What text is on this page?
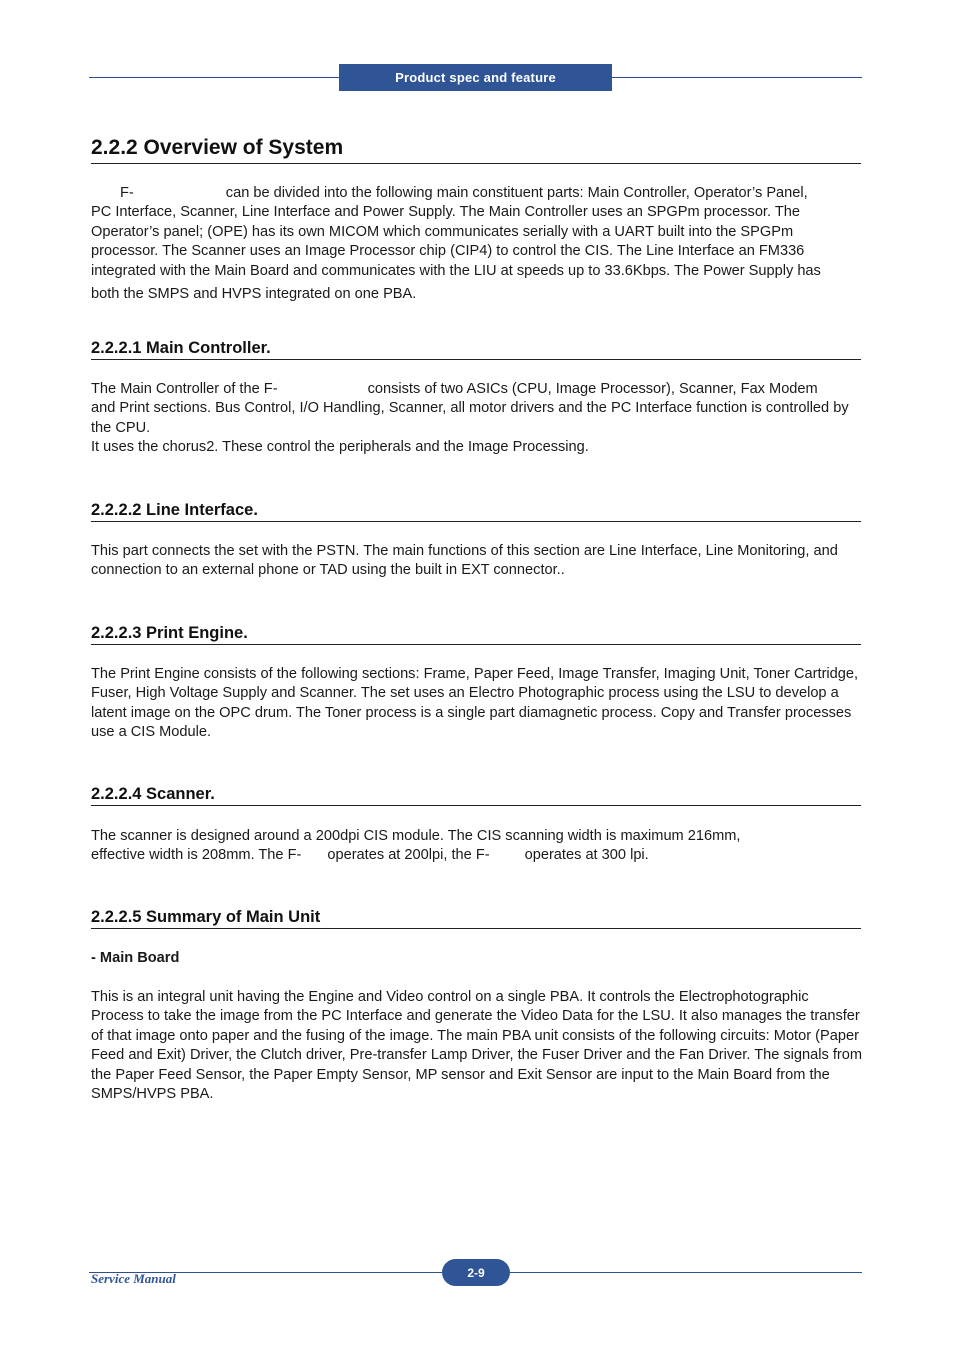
Product spec and feature
2.2.2 Overview of System

F-	can be divided into the following main constituent parts: Main Controller, Operator’s Panel,
PC Interface, Scanner, Line Interface and Power Supply. The Main Controller uses an SPGPm processor. The Operator’s panel; (OPE) has its own MICOM which communicates serially with a UART built into the SPGPm processor. The Scanner uses an Image Processor chip (CIP4) to control the CIS. The Line Interface an FM336 integrated with the Main Board and communicates with the LIU at speeds up to 33.6Kbps. The Power Supply has
both the SMPS and HVPS integrated on one PBA.

2.2.2.1 Main Controller.

The Main Controller of the F-	consists of two ASICs (CPU, Image Processor), Scanner, Fax Modem
and Print sections. Bus Control, I/O Handling, Scanner, all motor drivers and the PC Interface function is controlled by the CPU.
It uses the chorus2. These control the peripherals and the Image Processing.

2.2.2.2 Line Interface.

This part connects the set with the PSTN. The main functions of this section are Line Interface, Line Monitoring, and connection to an external phone or TAD using the built in EXT connector..

2.2.2.3 Print Engine.

The Print Engine consists of the following sections: Frame, Paper Feed, Image Transfer, Imaging Unit, Toner Cartridge, Fuser, High Voltage Supply and Scanner. The set uses an Electro Photographic process using the LSU to develop a latent image on the OPC drum. The Toner process is a single part diamagnetic process. Copy and Transfer processes use a CIS Module.

2.2.2.4 Scanner.

The scanner is designed around a 200dpi CIS module. The CIS scanning width is maximum 216mm,
effective width is 208mm. The F- operates at 200lpi, the F- operates at 300 lpi.

2.2.2.5 Summary of Main Unit

- Main Board

This is an integral unit having the Engine and Video control on a single PBA. It controls the Electrophotographic Process to take the image from the PC Interface and generate the Video Data for the LSU. It also manages the transfer of that image onto paper and the fusing of the image. The main PBA unit consists of the following circuits: Motor (Paper Feed and Exit) Driver, the Clutch driver, Pre-transfer Lamp Driver, the Fuser Driver and the Fan Driver. The signals from the Paper Feed Sensor, the Paper Empty Sensor, MP sensor and Exit Sensor are input to the Main Board from the SMPS/HVPS PBA.

Service Manual	2-9
